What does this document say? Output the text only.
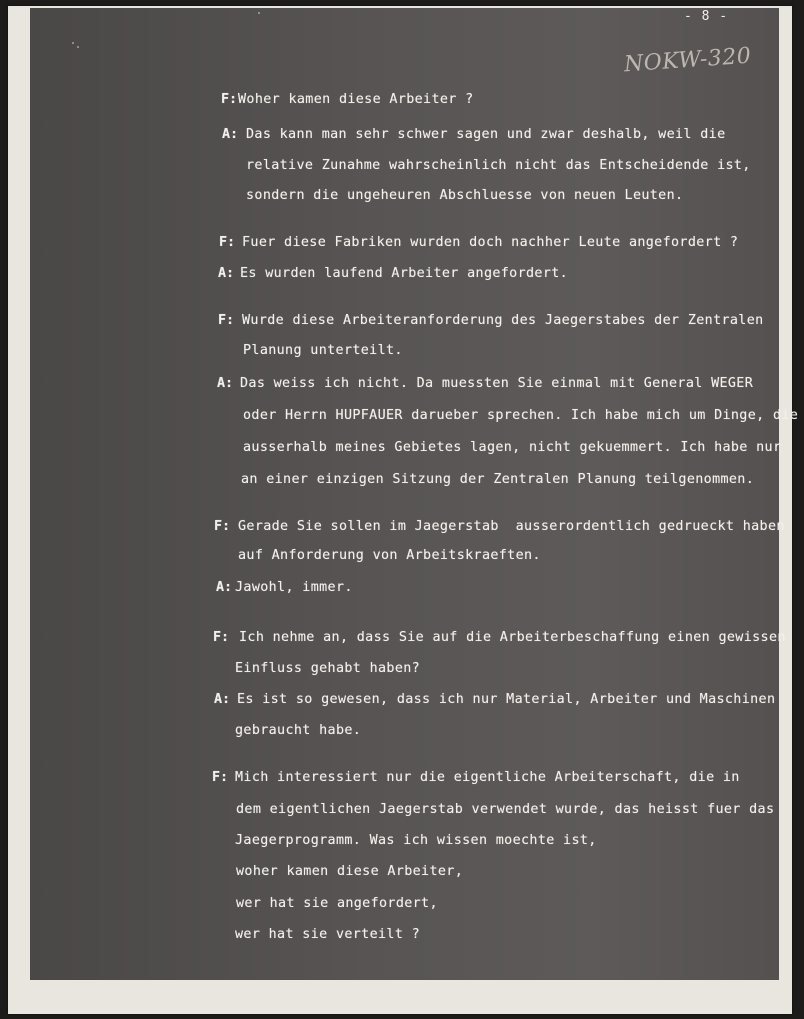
- 8 -
NOKW-320
F: Woher kamen diese Arbeiter ?
A: Das kann man sehr schwer sagen und zwar deshalb, weil die
relative Zunahme wahrscheinlich nicht das Entscheidende ist,
sondern die ungeheuren Abschluesse von neuen Leuten.
F: Fuer diese Fabriken wurden doch nachher Leute angefordert ?
A: Es wurden laufend Arbeiter angefordert.
F: Wurde diese Arbeiteranforderung des Jaegerstabes der Zentralen
Planung unterteilt.
A: Das weiss ich nicht. Da muessten Sie einmal mit General WEGER
oder Herrn HUPFAUER darueber sprechen. Ich habe mich um Dinge, die
ausserhalb meines Gebietes lagen, nicht gekuemmert. Ich habe nur
an einer einzigen Sitzung der Zentralen Planung teilgenommen.
F: Gerade Sie sollen im Jaegerstab  ausserordentlich gedrueckt haben
auf Anforderung von Arbeitskraeften.
A: Jawohl, immer.
F: Ich nehme an, dass Sie auf die Arbeiterbeschaffung einen gewissen
Einfluss gehabt haben?
A: Es ist so gewesen, dass ich nur Material, Arbeiter und Maschinen
gebraucht habe.
F: Mich interessiert nur die eigentliche Arbeiterschaft, die in
dem eigentlichen Jaegerstab verwendet wurde, das heisst fuer das
Jaegerprogramm. Was ich wissen moechte ist,
woher kamen diese Arbeiter,
wer hat sie angefordert,
wer hat sie verteilt ?
